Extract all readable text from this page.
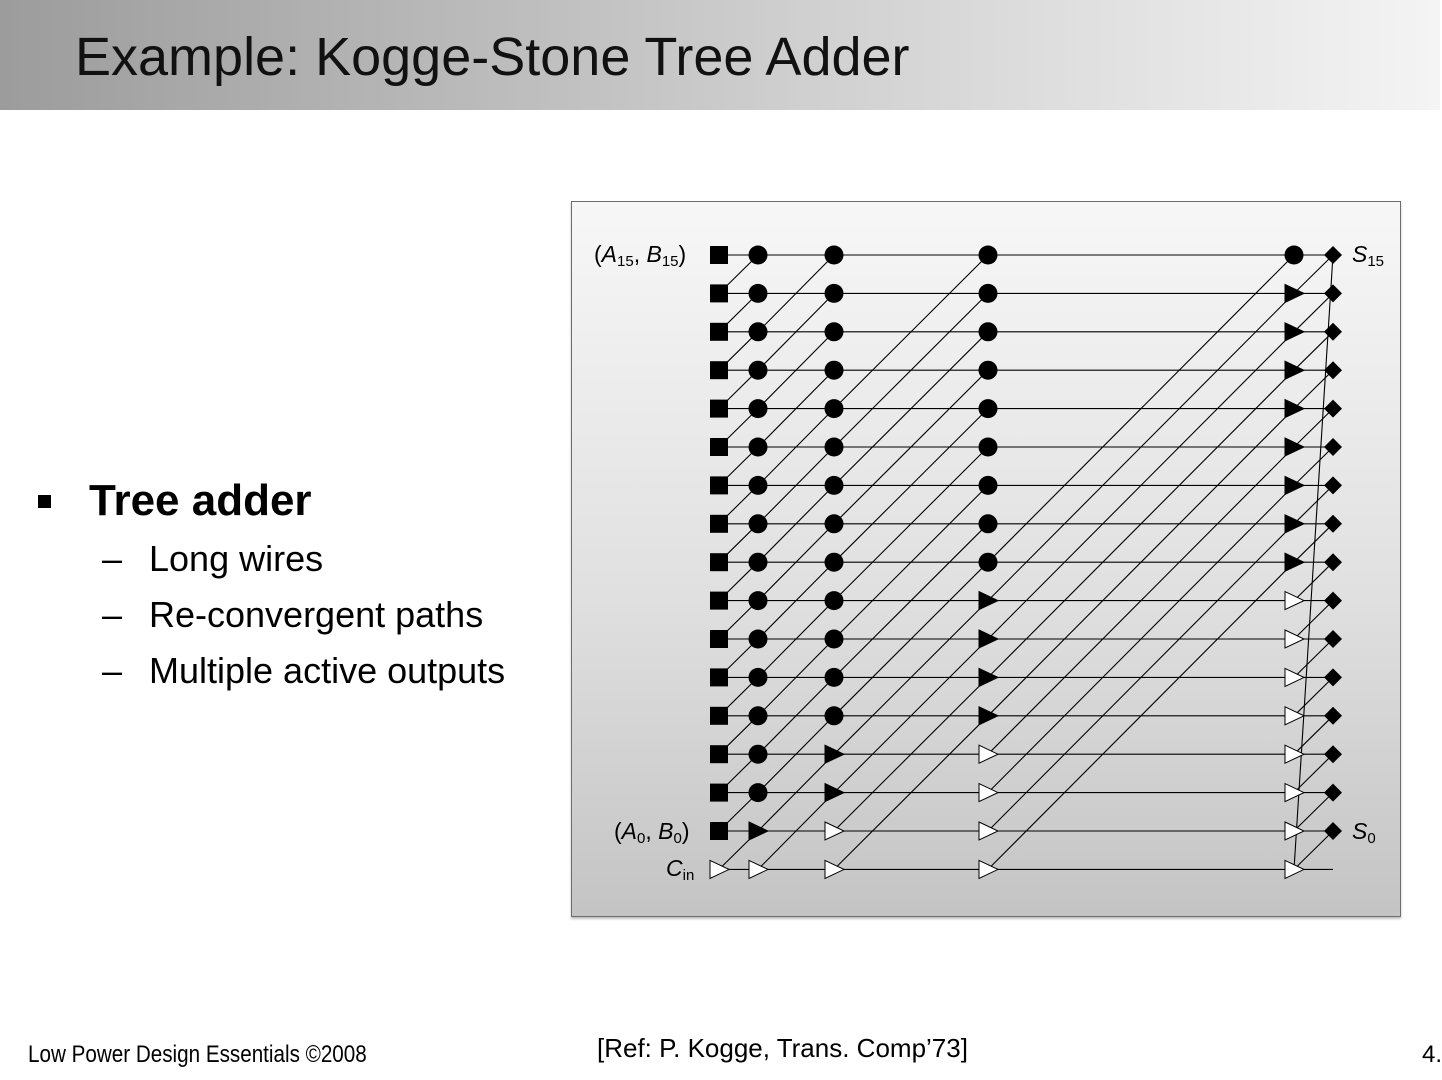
Example: Kogge-Stone Tree Adder
Tree adder
– Long wires
– Re-convergent paths
– Multiple active outputs
($A_{15}$, $B_{15}$)
($A_0$, $B_0$)
$C_{in}$
$S_{15}$
$S_0$
Low Power Design Essentials ©2008	[Ref: P. Kogge, Trans. Comp’73]	4.
